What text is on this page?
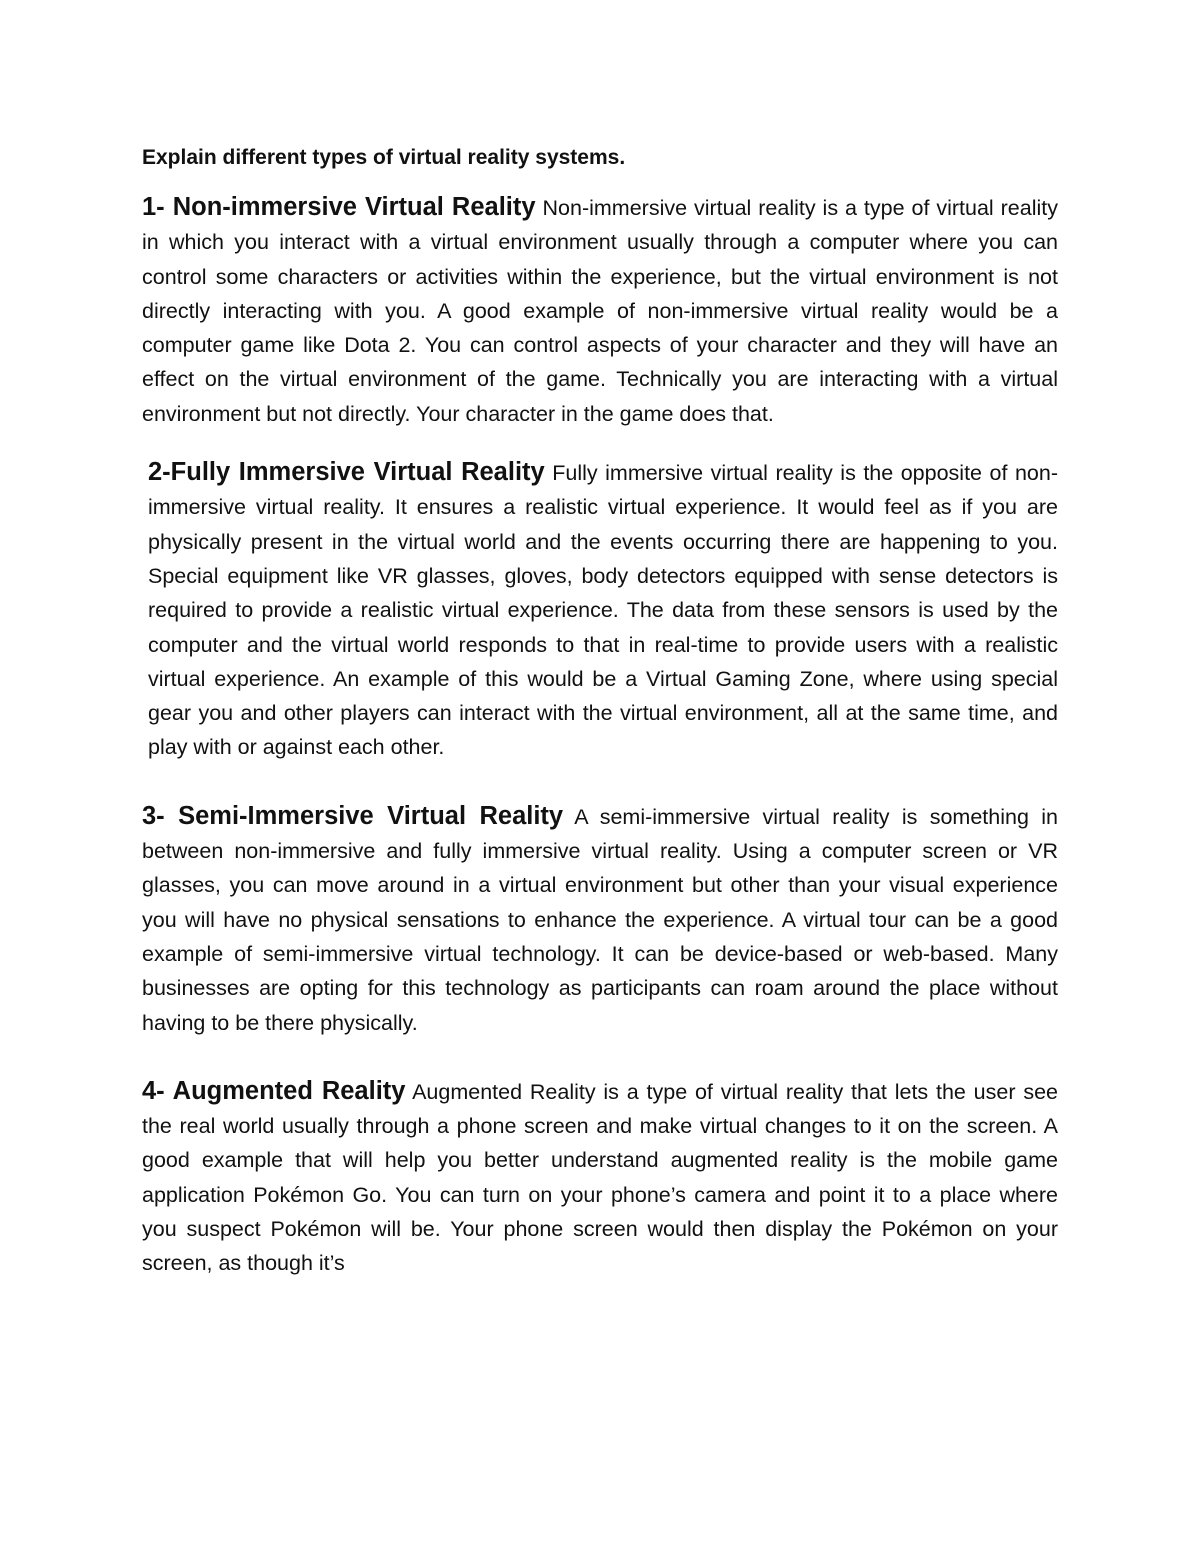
Explain different types of virtual reality systems.

1- Non-immersive Virtual Reality Non-immersive virtual reality is a type of virtual reality in which you interact with a virtual environment usually through a computer where you can control some characters or activities within the experience, but the virtual environment is not directly interacting with you. A good example of non-immersive virtual reality would be a computer game like Dota 2. You can control aspects of your character and they will have an effect on the virtual environment of the game. Technically you are interacting with a virtual environment but not directly. Your character in the game does that.

2-Fully Immersive Virtual Reality Fully immersive virtual reality is the opposite of non-immersive virtual reality. It ensures a realistic virtual experience. It would feel as if you are physically present in the virtual world and the events occurring there are happening to you. Special equipment like VR glasses, gloves, body detectors equipped with sense detectors is required to provide a realistic virtual experience. The data from these sensors is used by the computer and the virtual world responds to that in real-time to provide users with a realistic virtual experience. An example of this would be a Virtual Gaming Zone, where using special gear you and other players can interact with the virtual environment, all at the same time, and play with or against each other.

3- Semi-Immersive Virtual Reality A semi-immersive virtual reality is something in between non-immersive and fully immersive virtual reality. Using a computer screen or VR glasses, you can move around in a virtual environment but other than your visual experience you will have no physical sensations to enhance the experience. A virtual tour can be a good example of semi-immersive virtual technology. It can be device-based or web-based. Many businesses are opting for this technology as participants can roam around the place without having to be there physically.

4- Augmented Reality Augmented Reality is a type of virtual reality that lets the user see the real world usually through a phone screen and make virtual changes to it on the screen. A good example that will help you better understand augmented reality is the mobile game application Pokémon Go. You can turn on your phone’s camera and point it to a place where you suspect Pokémon will be. Your phone screen would then display the Pokémon on your screen, as though it’s
